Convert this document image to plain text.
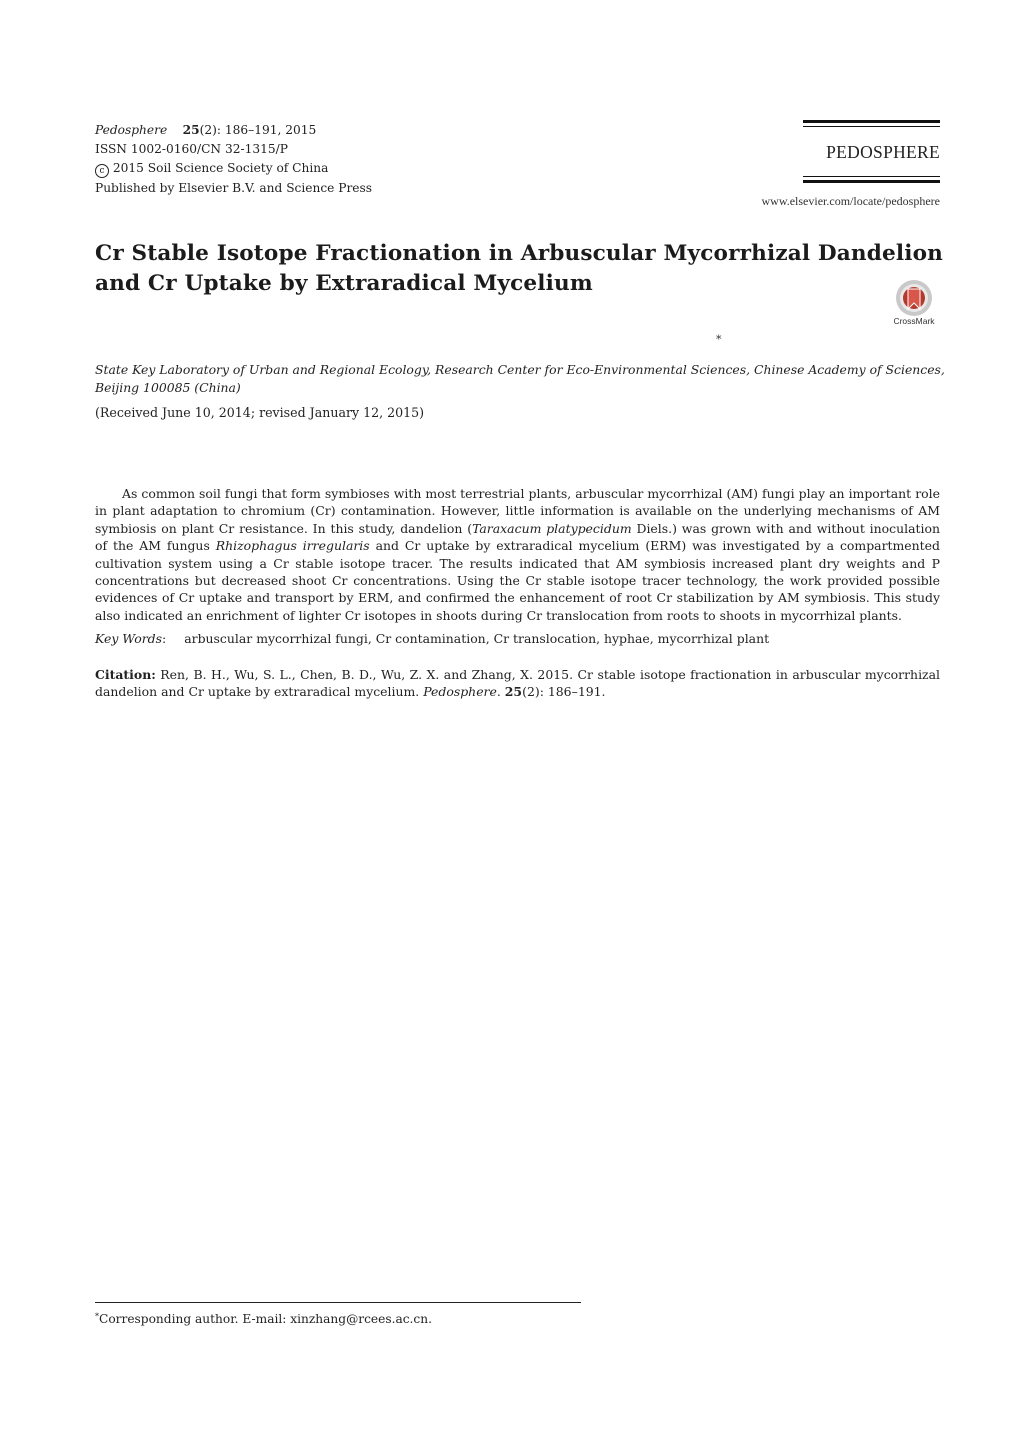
Pedosphere 25(2): 186–191, 2015
ISSN 1002-0160/CN 32-1315/P
c 2015 Soil Science Society of China
Published by Elsevier B.V. and Science Press
PEDOSPHERE
www.elsevier.com/locate/pedosphere
Cr Stable Isotope Fractionation in Arbuscular Mycorrhizal Dandelion
and Cr Uptake by Extraradical Mycelium
CrossMark
*
State Key Laboratory of Urban and Regional Ecology, Research Center for Eco-Environmental Sciences, Chinese Academy of Sciences, Beijing 100085 (China)
(Received June 10, 2014; revised January 12, 2015)

As common soil fungi that form symbioses with most terrestrial plants, arbuscular mycorrhizal (AM) fungi play an important role in plant adaptation to chromium (Cr) contamination. However, little information is available on the underlying mechanisms of AM symbiosis on plant Cr resistance. In this study, dandelion (Taraxacum platypecidum Diels.) was grown with and without inoculation of the AM fungus Rhizophagus irregularis and Cr uptake by extraradical mycelium (ERM) was investigated by a compartmented cultivation system using a Cr stable isotope tracer. The results indicated that AM symbiosis increased plant dry weights and P concentrations but decreased shoot Cr concentrations. Using the Cr stable isotope tracer technology, the work provided possible evidences of Cr uptake and transport by ERM, and confirmed the enhancement of root Cr stabilization by AM symbiosis. This study also indicated an enrichment of lighter Cr isotopes in shoots during Cr translocation from roots to shoots in mycorrhizal plants.

Key Words: arbuscular mycorrhizal fungi, Cr contamination, Cr translocation, hyphae, mycorrhizal plant
Citation: Ren, B. H., Wu, S. L., Chen, B. D., Wu, Z. X. and Zhang, X. 2015. Cr stable isotope fractionation in arbuscular mycorrhizal dandelion and Cr uptake by extraradical mycelium. Pedosphere. 25(2): 186–191.
*Corresponding author. E-mail: xinzhang@rcees.ac.cn.
